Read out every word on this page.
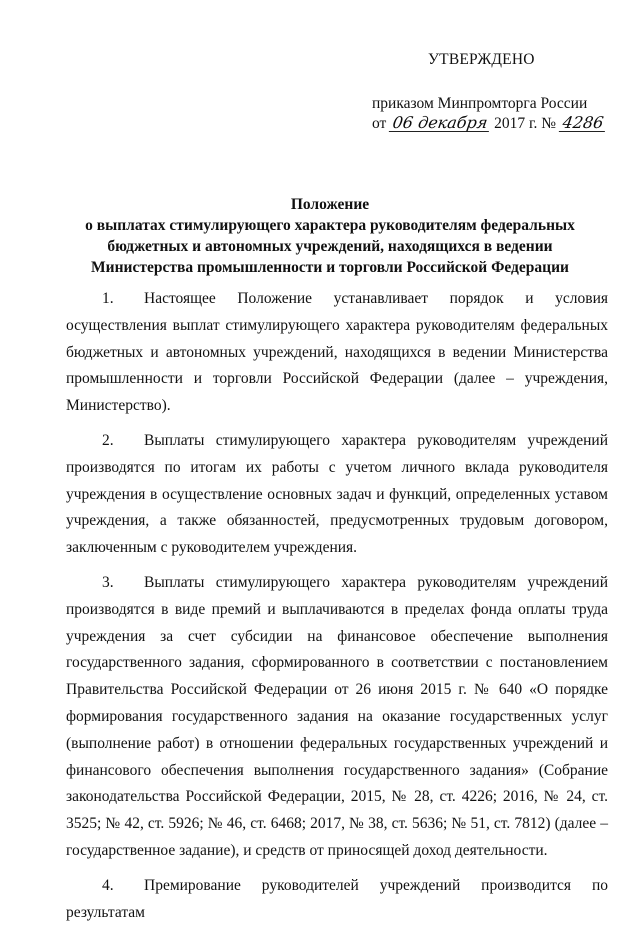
УТВЕРЖДЕНО
приказом Минпромторга России
от 06 декабря 2017 г. № 4286
Положение
о выплатах стимулирующего характера руководителям федеральных
бюджетных и автономных учреждений, находящихся в ведении
Министерства промышленности и торговли Российской Федерации

1. Настоящее Положение устанавливает порядок и условия осуществления выплат стимулирующего характера руководителям федеральных бюджетных и автономных учреждений, находящихся в ведении Министерства промышленности и торговли Российской Федерации (далее – учреждения, Министерство).

2. Выплаты стимулирующего характера руководителям учреждений производятся по итогам их работы с учетом личного вклада руководителя учреждения в осуществление основных задач и функций, определенных уставом учреждения, а также обязанностей, предусмотренных трудовым договором, заключенным с руководителем учреждения.

3. Выплаты стимулирующего характера руководителям учреждений производятся в виде премий и выплачиваются в пределах фонда оплаты труда учреждения за счет субсидии на финансовое обеспечение выполнения государственного задания, сформированного в соответствии с постановлением Правительства Российской Федерации от 26 июня 2015 г. № 640 «О порядке формирования государственного задания на оказание государственных услуг (выполнение работ) в отношении федеральных государственных учреждений и финансового обеспечения выполнения государственного задания» (Собрание законодательства Российской Федерации, 2015, № 28, ст. 4226; 2016, № 24, ст. 3525; № 42, ст. 5926; № 46, ст. 6468; 2017, № 38, ст. 5636; № 51, ст. 7812) (далее – государственное задание), и средств от приносящей доход деятельности.

4. Премирование руководителей учреждений производится по результатам
